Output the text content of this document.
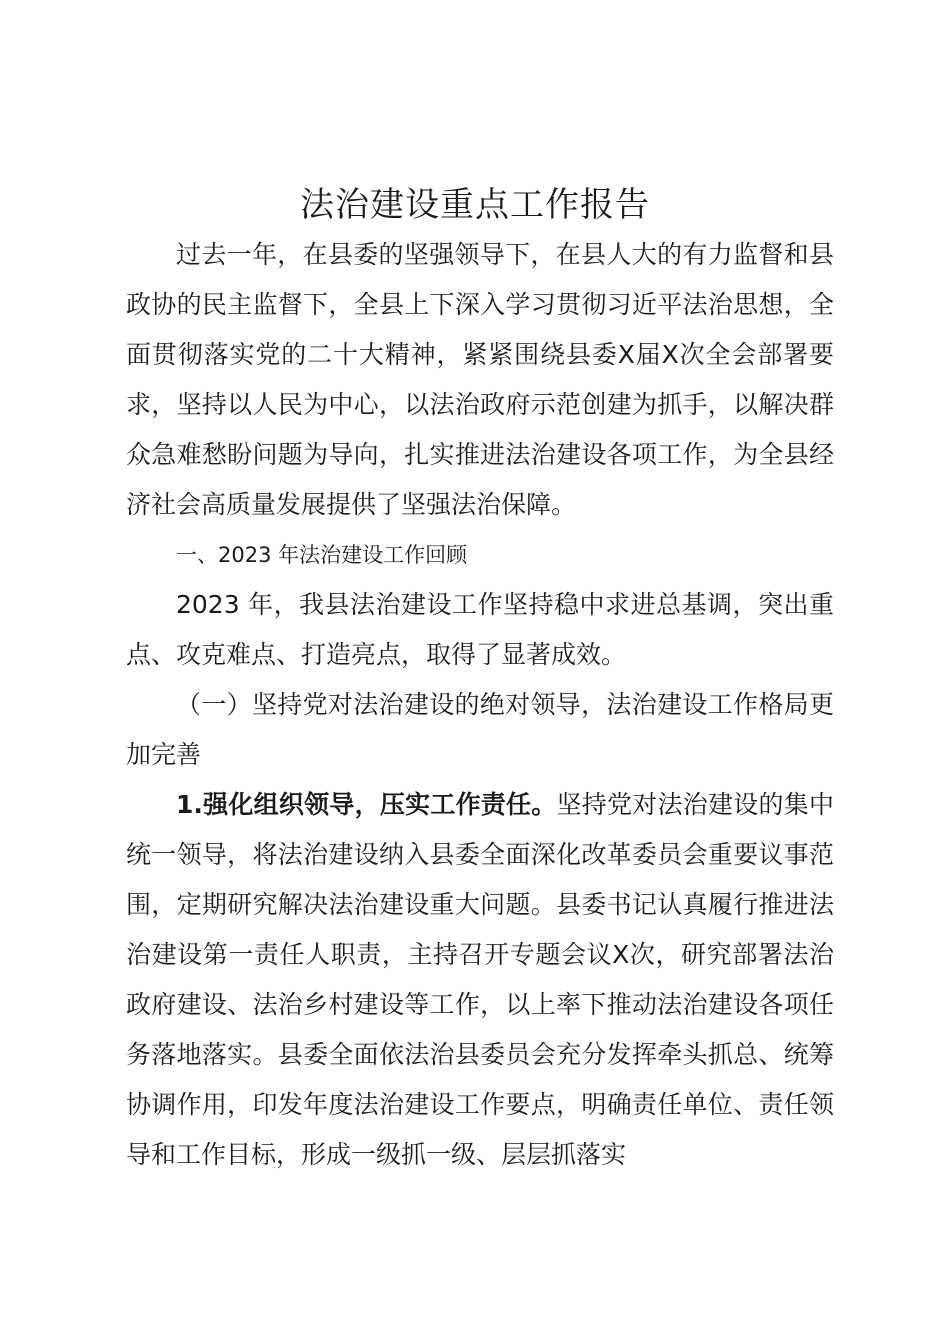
法治建设重点工作报告

过去一年，在县委的坚强领导下，在县人大的有力监督和县政协的民主监督下，全县上下深入学习贯彻习近平法治思想，全面贯彻落实党的二十大精神，紧紧围绕县委Ⅹ届Ⅹ次全会部署要求，坚持以人民为中心，以法治政府示范创建为抓手，以解决群众急难愁盼问题为导向，扎实推进法治建设各项工作，为全县经济社会高质量发展提供了坚强法治保障。

一、2023 年法治建设工作回顾

2023 年，我县法治建设工作坚持稳中求进总基调，突出重点、攻克难点、打造亮点，取得了显著成效。

（一）坚持党对法治建设的绝对领导，法治建设工作格局更加完善

1.强化组织领导，压实工作责任。坚持党对法治建设的集中统一领导，将法治建设纳入县委全面深化改革委员会重要议事范围，定期研究解决法治建设重大问题。县委书记认真履行推进法治建设第一责任人职责，主持召开专题会议Ⅹ次，研究部署法治政府建设、法治乡村建设等工作，以上率下推动法治建设各项任务落地落实。县委全面依法治县委员会充分发挥牵头抓总、统筹协调作用，印发年度法治建设工作要点，明确责任单位、责任领导和工作目标，形成一级抓一级、层层抓落实
